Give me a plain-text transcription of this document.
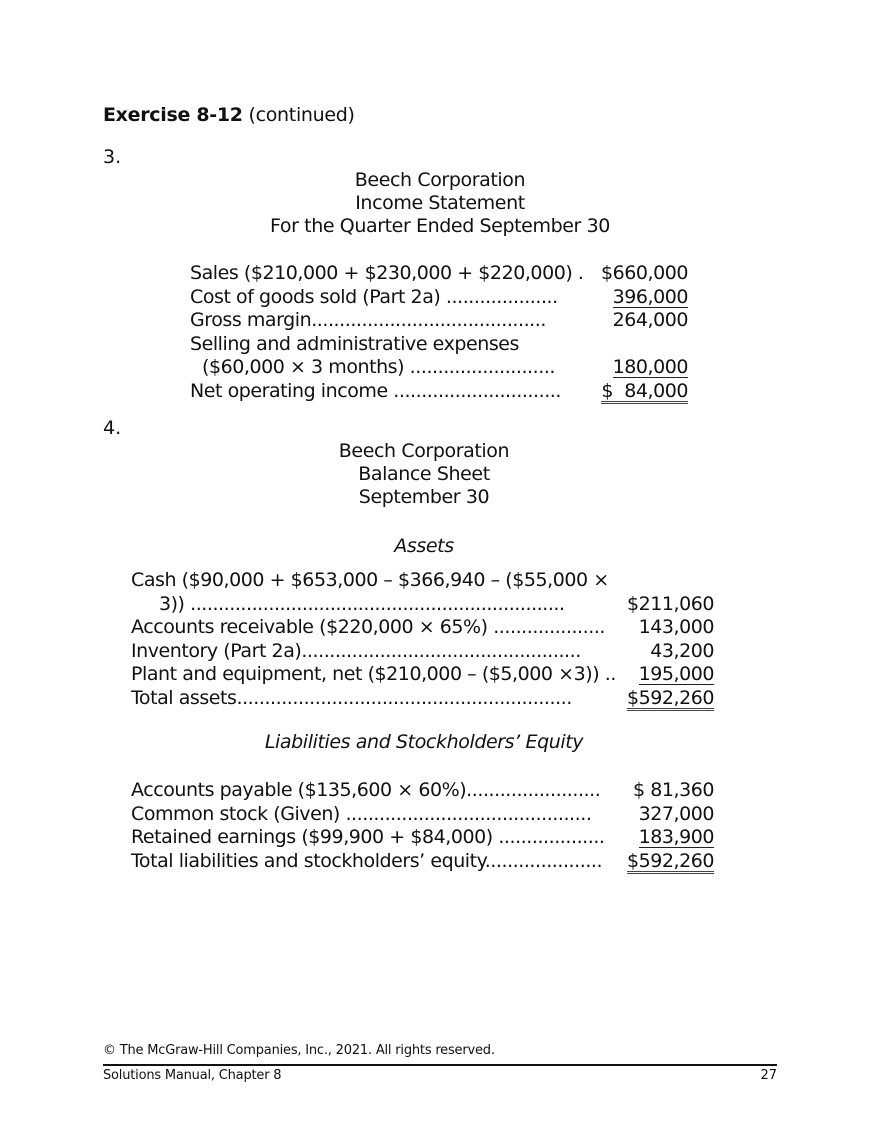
Exercise 8-12 (continued)
3.
Beech Corporation
Income Statement
For the Quarter Ended September 30
Sales ($210,000 + $230,000 + $220,000) . $660,000
Cost of goods sold (Part 2a) ....................	396,000
Gross margin..........................................	264,000
Selling and administrative expenses
($60,000 × 3 months) ..........................	180,000
Net operating income .............................. $  84,000
4.
Beech Corporation
Balance Sheet
September 30
Assets
Cash ($90,000 + $653,000 – $366,940 – ($55,000 ×
3)) ...................................................................	$211,060
Accounts receivable ($220,000 × 65%) .................... 143,000
Inventory (Part 2a)..................................................	43,200
Plant and equipment, net ($210,000 – ($5,000 ×3)) .. 195,000
Total assets............................................................	$592,260
Liabilities and Stockholders’ Equity
Accounts payable ($135,600 × 60%)........................ $ 81,360
Common stock (Given) ............................................ 327,000
Retained earnings ($99,900 + $84,000) ................... 183,900
Total liabilities and stockholders’ equity..................... $592,260
© The McGraw-Hill Companies, Inc., 2021. All rights reserved.
Solutions Manual, Chapter 8	27
